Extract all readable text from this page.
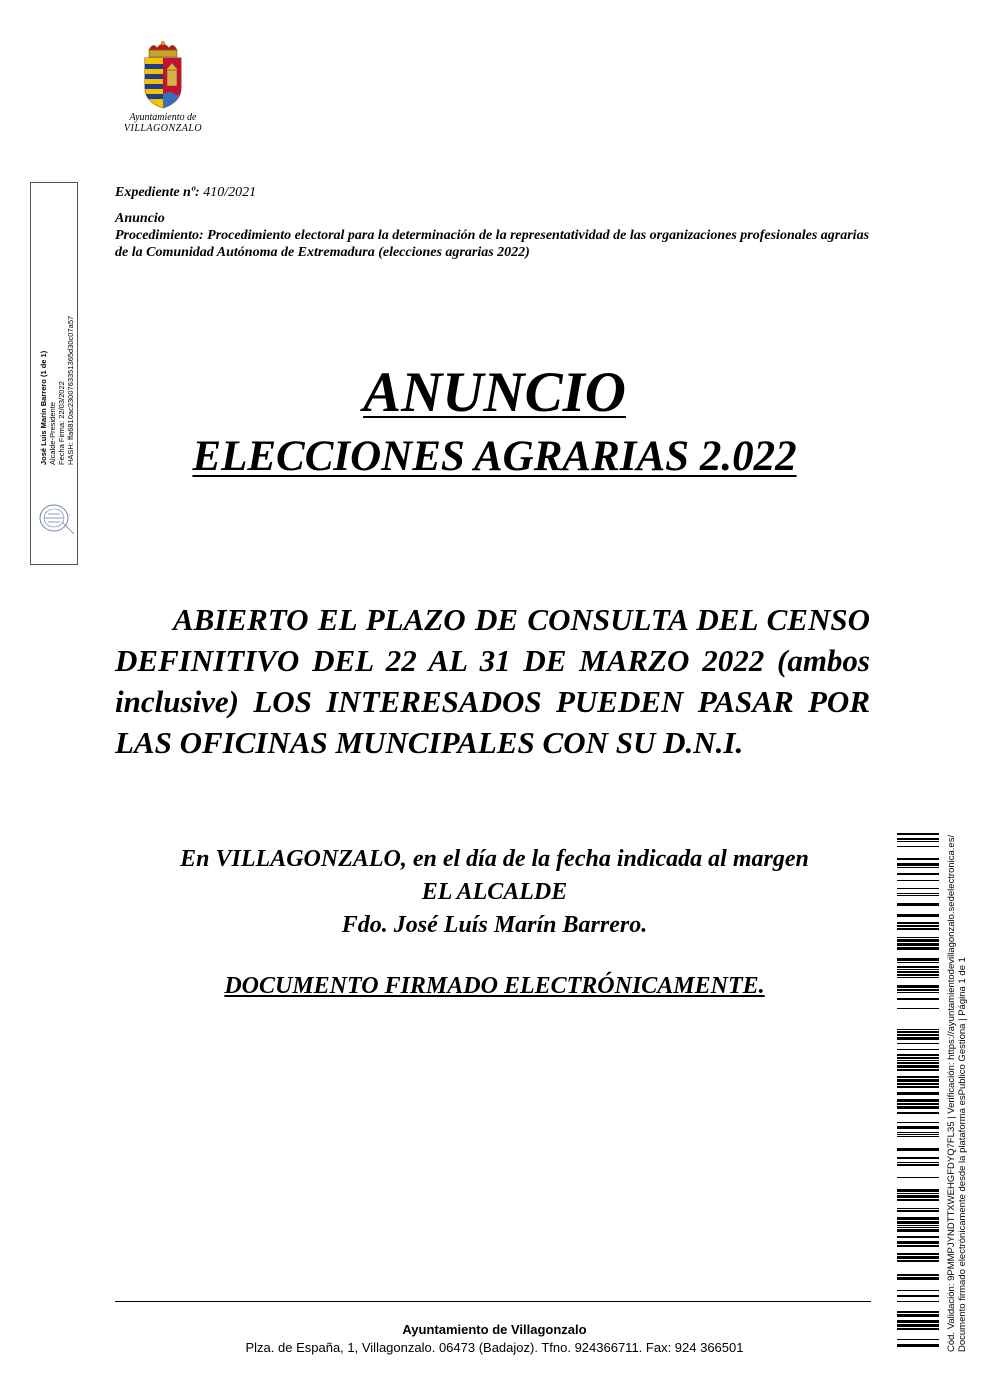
Ayuntamiento de
VILLAGONZALO
José Luis Marín Barrero (1 de 1) Alcalde-Presidente Fecha Firma: 22/03/2022 HASH: ffa6810ac2300763351365d30c07a57

Expediente nº: 410/2021

Anuncio

Procedimiento: Procedimiento electoral para la determinación de la representatividad de las organizaciones profesionales agrarias de la Comunidad Autónoma de Extremadura (elecciones agrarias 2022)

ANUNCIO
ELECCIONES AGRARIAS 2.022
ABIERTO EL PLAZO DE CONSULTA DEL CENSO DEFINITIVO DEL 22 AL 31 DE MARZO 2022 (ambos inclusive) LOS INTERESADOS PUEDEN PASAR POR LAS OFICINAS MUNCIPALES CON SU D.N.I.
En VILLAGONZALO, en el día de la fecha indicada al margen
EL ALCALDE
Fdo. José Luís Marín Barrero.
DOCUMENTO FIRMADO ELECTRÓNICAMENTE.	Cód. Validación: 9PMMPJYNDTTXWEHGFDYQ7FL35 | Verificación: https://ayuntamientodevillagonzalo.sedelectronica.es/ Documento firmado electrónicamente desde la plataforma esPublico Gestiona | Página 1 de 1
Ayuntamiento de Villagonzalo
Plza. de España, 1, Villagonzalo. 06473 (Badajoz). Tfno. 924366711. Fax: 924 366501
